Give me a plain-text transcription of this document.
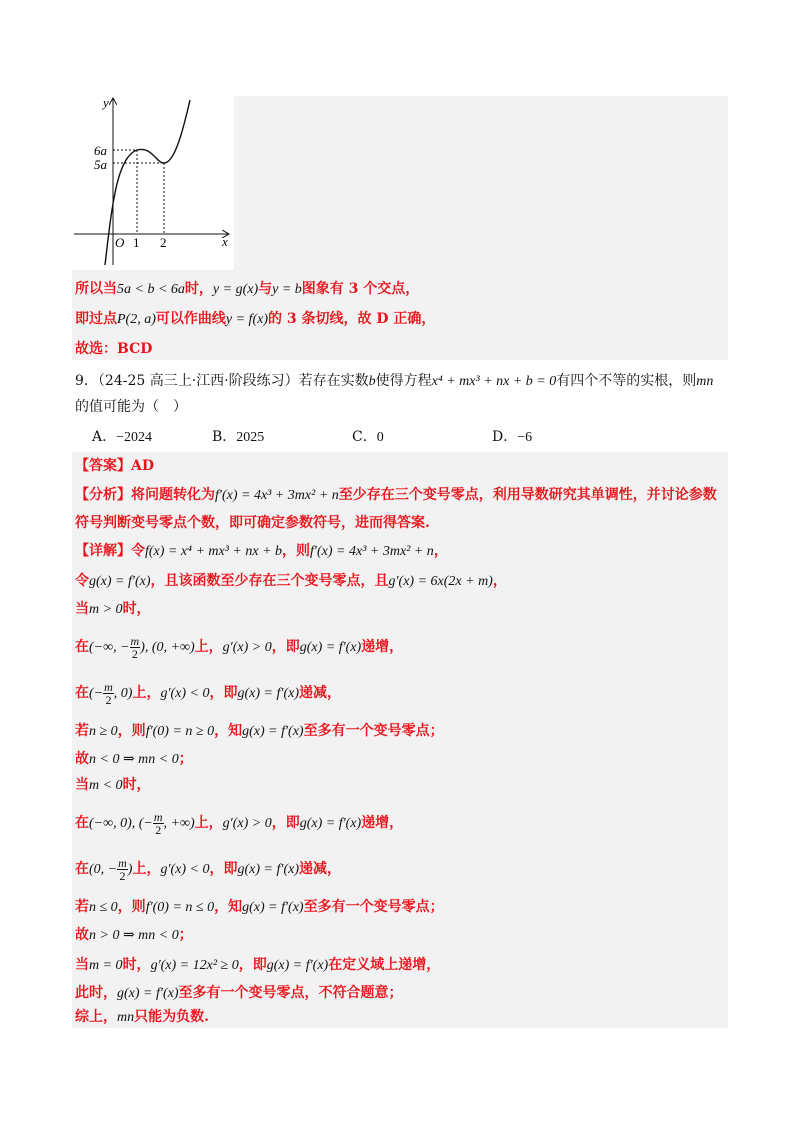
y
x
O 1 2
6a
5a
所以当5a < b < 6a时，y = g(x)与y = b图象有 3 个交点，
即过点P(2, a)可以作曲线y = f(x)的 3 条切线，故 D 正确，
故选：BCD
9．（24-25 高三上·江西·阶段练习）若存在实数b使得方程x⁴ + mx³ + nx + b = 0有四个不等的实根，则mn
的值可能为（　）
A．−2024	B．2025	C．0	D．−6
【答案】AD
【分析】将问题转化为f′(x) = 4x³ + 3mx² + n至少存在三个变号零点，利用导数研究其单调性，并讨论参数
符号判断变号零点个数，即可确定参数符号，进而得答案.
【详解】令f(x) = x⁴ + mx³ + nx + b，则f′(x) = 4x³ + 3mx² + n，
令g(x) = f′(x)，且该函数至少存在三个变号零点，且g′(x) = 6x(2x + m)，
当m > 0时，
在(−∞, − $\frac{m}{2}$ ), (0, +∞)上，g′(x) > 0，即g(x) = f′(x)递增，
在(− $\frac{m}{2}$ , 0)上，g′(x) < 0，即g(x) = f′(x)递减，
若n ≥ 0，则f′(0) = n ≥ 0，知g(x) = f′(x)至多有一个变号零点；
故n < 0 ⇒ mn < 0；
当m < 0时，
在(−∞, 0), (− $\frac{m}{2}$ , +∞)上，g′(x) > 0，即g(x) = f′(x)递增，
在(0, − $\frac{m}{2}$ )上，g′(x) < 0，即g(x) = f′(x)递减，
若n ≤ 0，则f′(0) = n ≤ 0，知g(x) = f′(x)至多有一个变号零点；
故n > 0 ⇒ mn < 0；
当m = 0时，g′(x) = 12x² ≥ 0，即g(x) = f′(x)在定义域上递增，
此时，g(x) = f′(x)至多有一个变号零点，不符合题意；
综上，mn只能为负数.
